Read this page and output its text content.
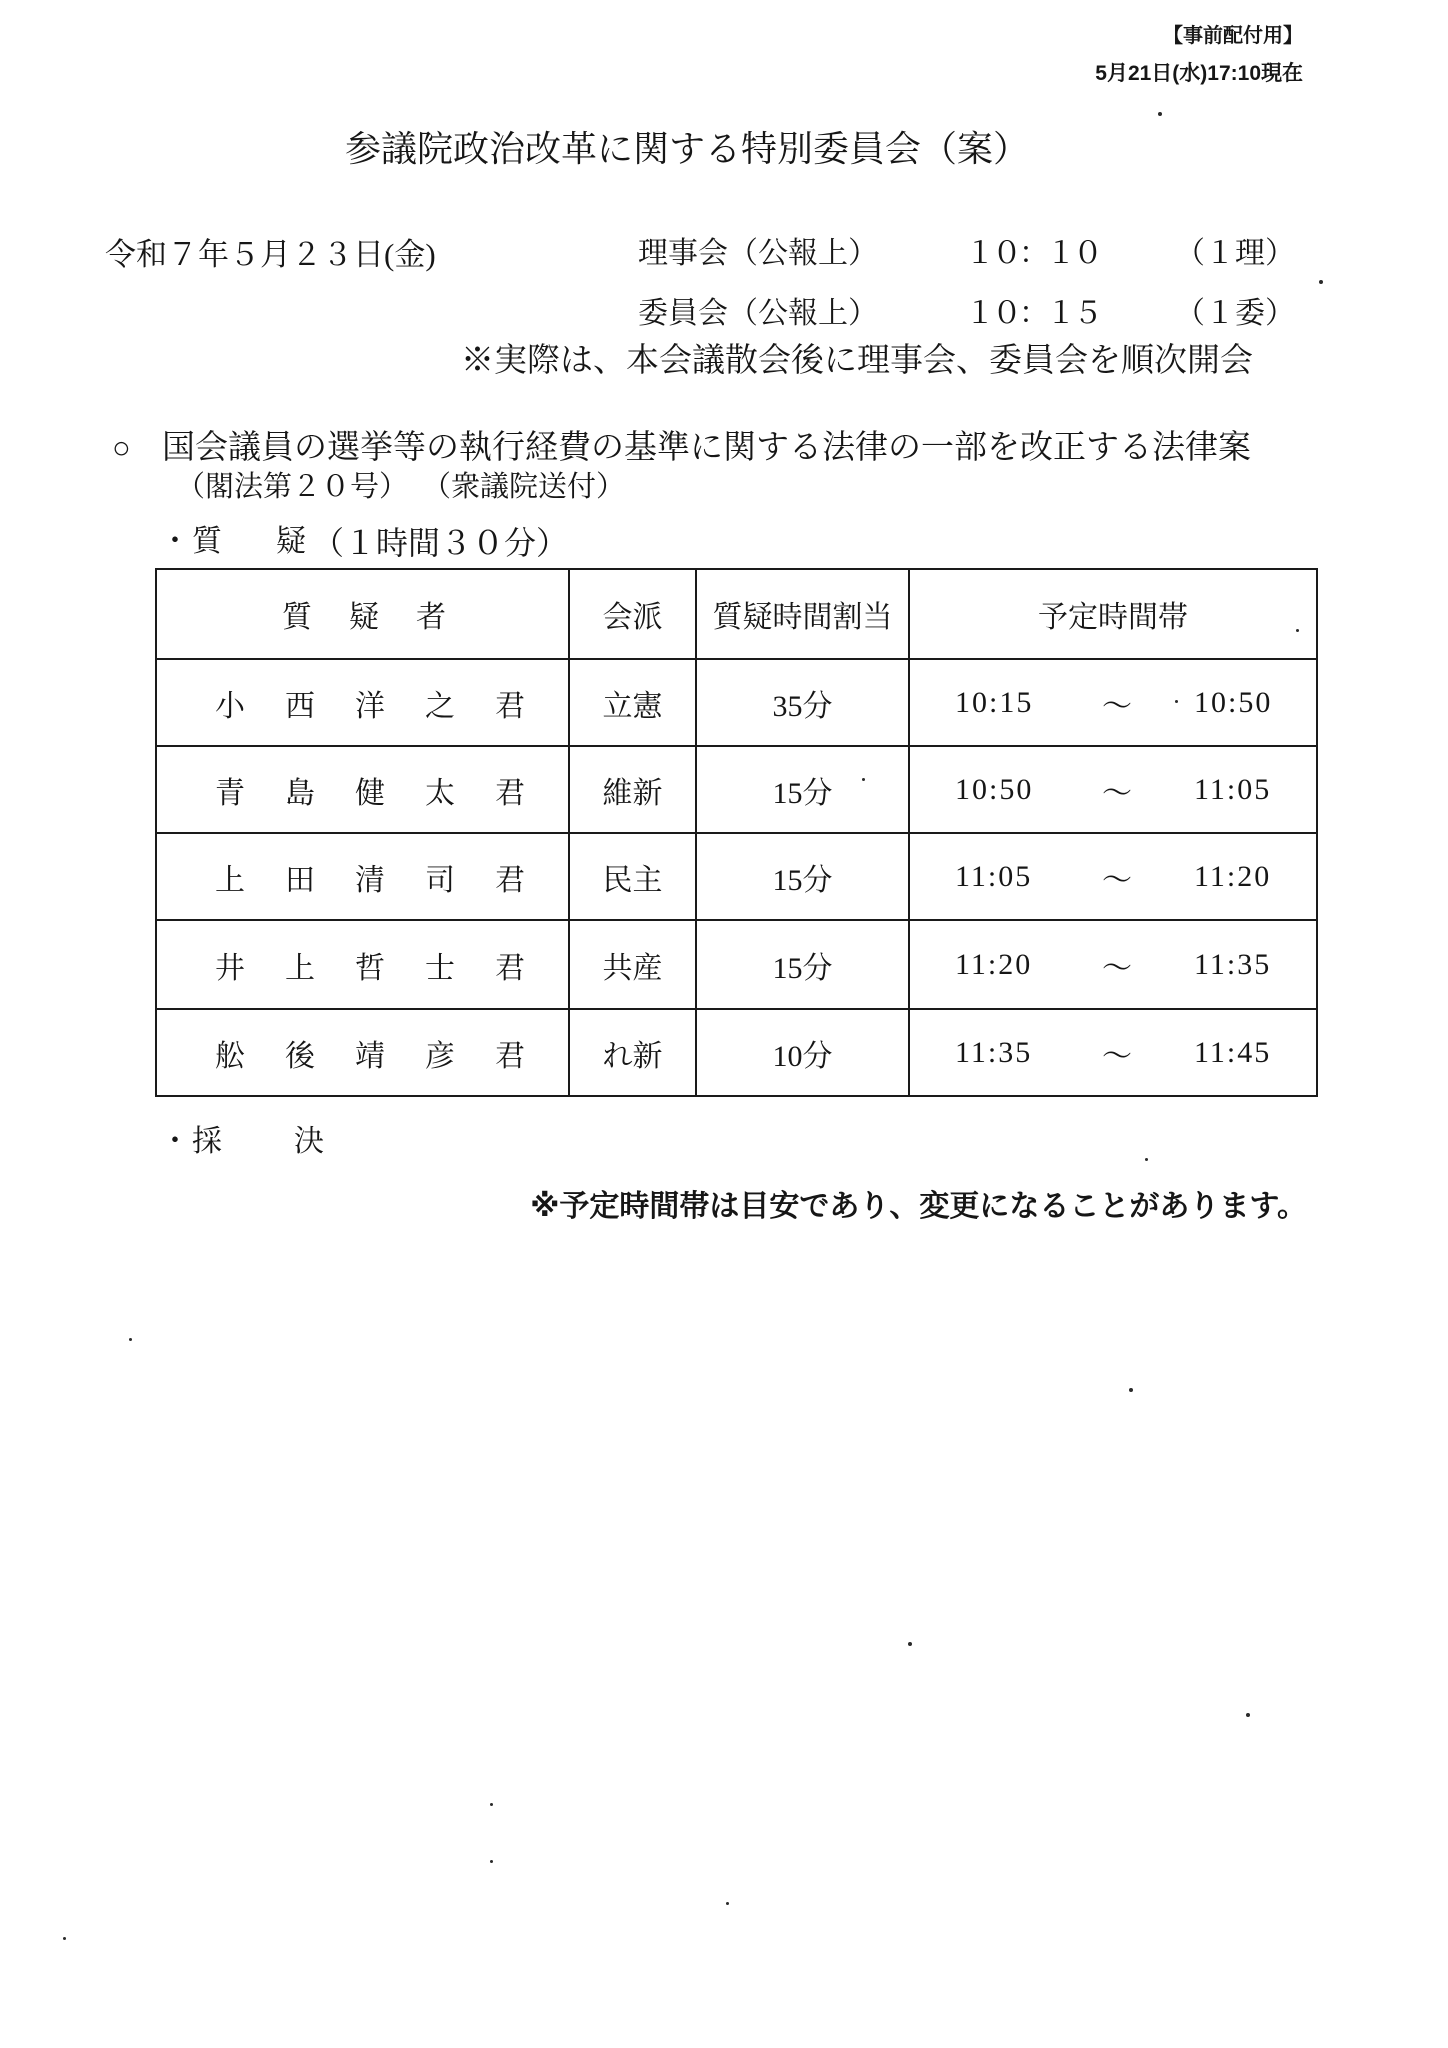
【事前配付用】
5月21日(水)17:10現在
参議院政治改革に関する特別委員会（案）
令和７年５月２３日(金)	理事会（公報上）	１０：１０	（１理）
委員会（公報上）	１０：１５	（１委）
※実際は、本会議散会後に理事会、委員会を順次開会
○ 国会議員の選挙等の執行経費の基準に関する法律の一部を改正する法律案
（閣法第２０号） （衆議院送付）
・ 質　疑
（１時間３０分）
質疑者	会派	質疑時間割当	予定時間帯
小西洋之君	立憲	35分	10:15 ～ 10:50

青島健太君	維新	15分	10:50 ～ 11:05

上田清司君	民主	15分	11:05 ～ 11:20

井上哲士君	共産	15分	11:20 ～ 11:35

舩後靖彦君	れ新	10分	11:35 ～ 11:45
・ 採　決
※予定時間帯は目安であり、変更になることがあります。
